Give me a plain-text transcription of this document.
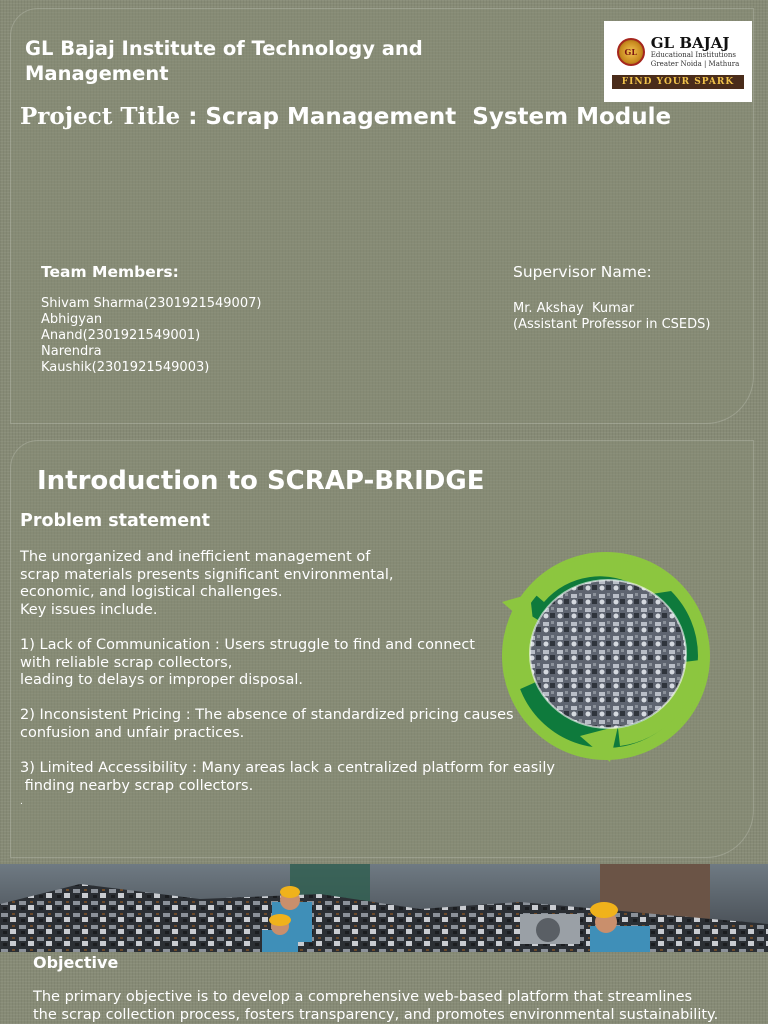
GL Bajaj Institute of Technology and Management
GL GL BAJAJ
Educational Institutions
Greater Noida | Mathura
FIND YOUR SPARK
Project Title : Scrap Management  System Module
Team Members:
Shivam Sharma(2301921549007)
Abhigyan
Anand(2301921549001)
Narendra
Kaushik(2301921549003)
Supervisor Name:
Mr. Akshay  Kumar
(Assistant Professor in CSEDS)
Introduction to SCRAP-BRIDGE
Problem statement

The unorganized and inefficient management of

scrap materials presents significant environmental,

economic, and logistical challenges.

Key issues include.

1) Lack of Communication : Users struggle to find and connect

with reliable scrap collectors,

leading to delays or improper disposal.

2) Inconsistent Pricing : The absence of standardized pricing causes

confusion and unfair practices.

3) Limited Accessibility : Many areas lack a centralized platform for easily

finding nearby scrap collectors.

.

Objective
The primary objective is to develop a comprehensive web-based platform that streamlines
the scrap collection process, fosters transparency, and promotes environmental sustainability.
